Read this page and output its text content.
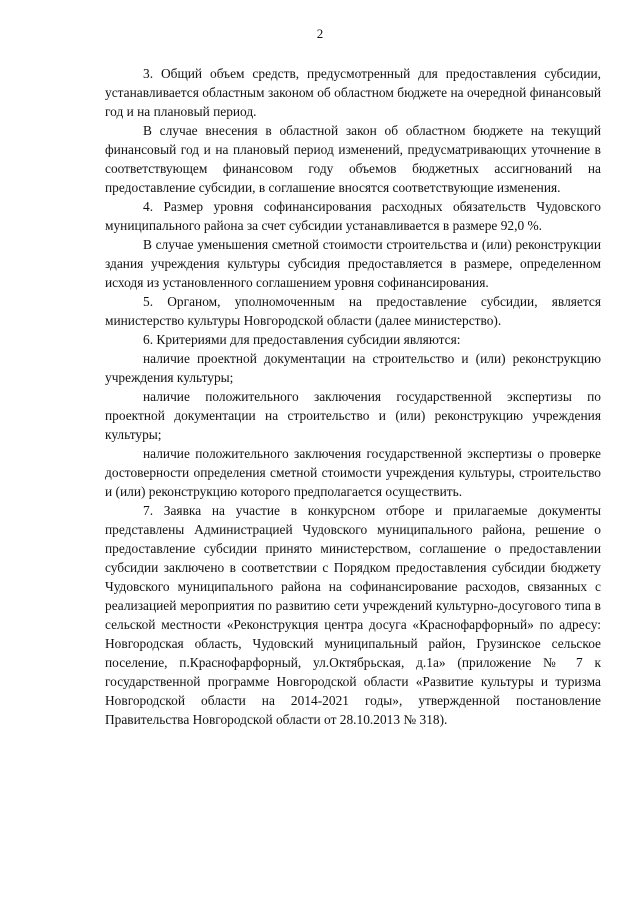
2

3. Общий объем средств, предусмотренный для предоставления субсидии, устанавливается областным законом об областном бюджете на очередной финансовый год и на плановый период.

В случае внесения в областной закон об областном бюджете на текущий финансовый год и на плановый период изменений, предусматривающих уточнение в соответствующем финансовом году объемов бюджетных ассигнований на предоставление субсидии, в соглашение вносятся соответствующие изменения.

4. Размер уровня софинансирования расходных обязательств Чудовского муниципального района за счет субсидии устанавливается в размере 92,0 %.

В случае уменьшения сметной стоимости строительства и (или) реконструкции здания учреждения культуры субсидия предоставляется в размере, определенном исходя из установленного соглашением уровня софинансирования.

5. Органом, уполномоченным на предоставление субсидии, является министерство культуры Новгородской области (далее министерство).

6. Критериями для предоставления субсидии являются:

наличие проектной документации на строительство и (или) реконструкцию учреждения культуры;

наличие положительного заключения государственной экспертизы по проектной документации на строительство и (или) реконструкцию учреждения культуры;

наличие положительного заключения государственной экспертизы о проверке достоверности определения сметной стоимости учреждения культуры, строительство и (или) реконструкцию которого предполагается осуществить.

7. Заявка на участие в конкурсном отборе и прилагаемые документы представлены Администрацией Чудовского муниципального района, решение о предоставление субсидии принято министерством, соглашение о предоставлении субсидии заключено в соответствии с Порядком предоставления субсидии бюджету Чудовского муниципального района на софинансирование расходов, связанных с реализацией мероприятия по развитию сети учреждений культурно-досугового типа в сельской местности «Реконструкция центра досуга «Краснофарфорный» по адресу: Новгородская область, Чудовский муниципальный район, Грузинское сельское поселение, п.Краснофарфорный, ул.Октябрьская, д.1а» (приложение № 7 к государственной программе Новгородской области «Развитие культуры и туризма Новгородской области на 2014-2021 годы», утвержденной постановление Правительства Новгородской области от 28.10.2013 № 318).
